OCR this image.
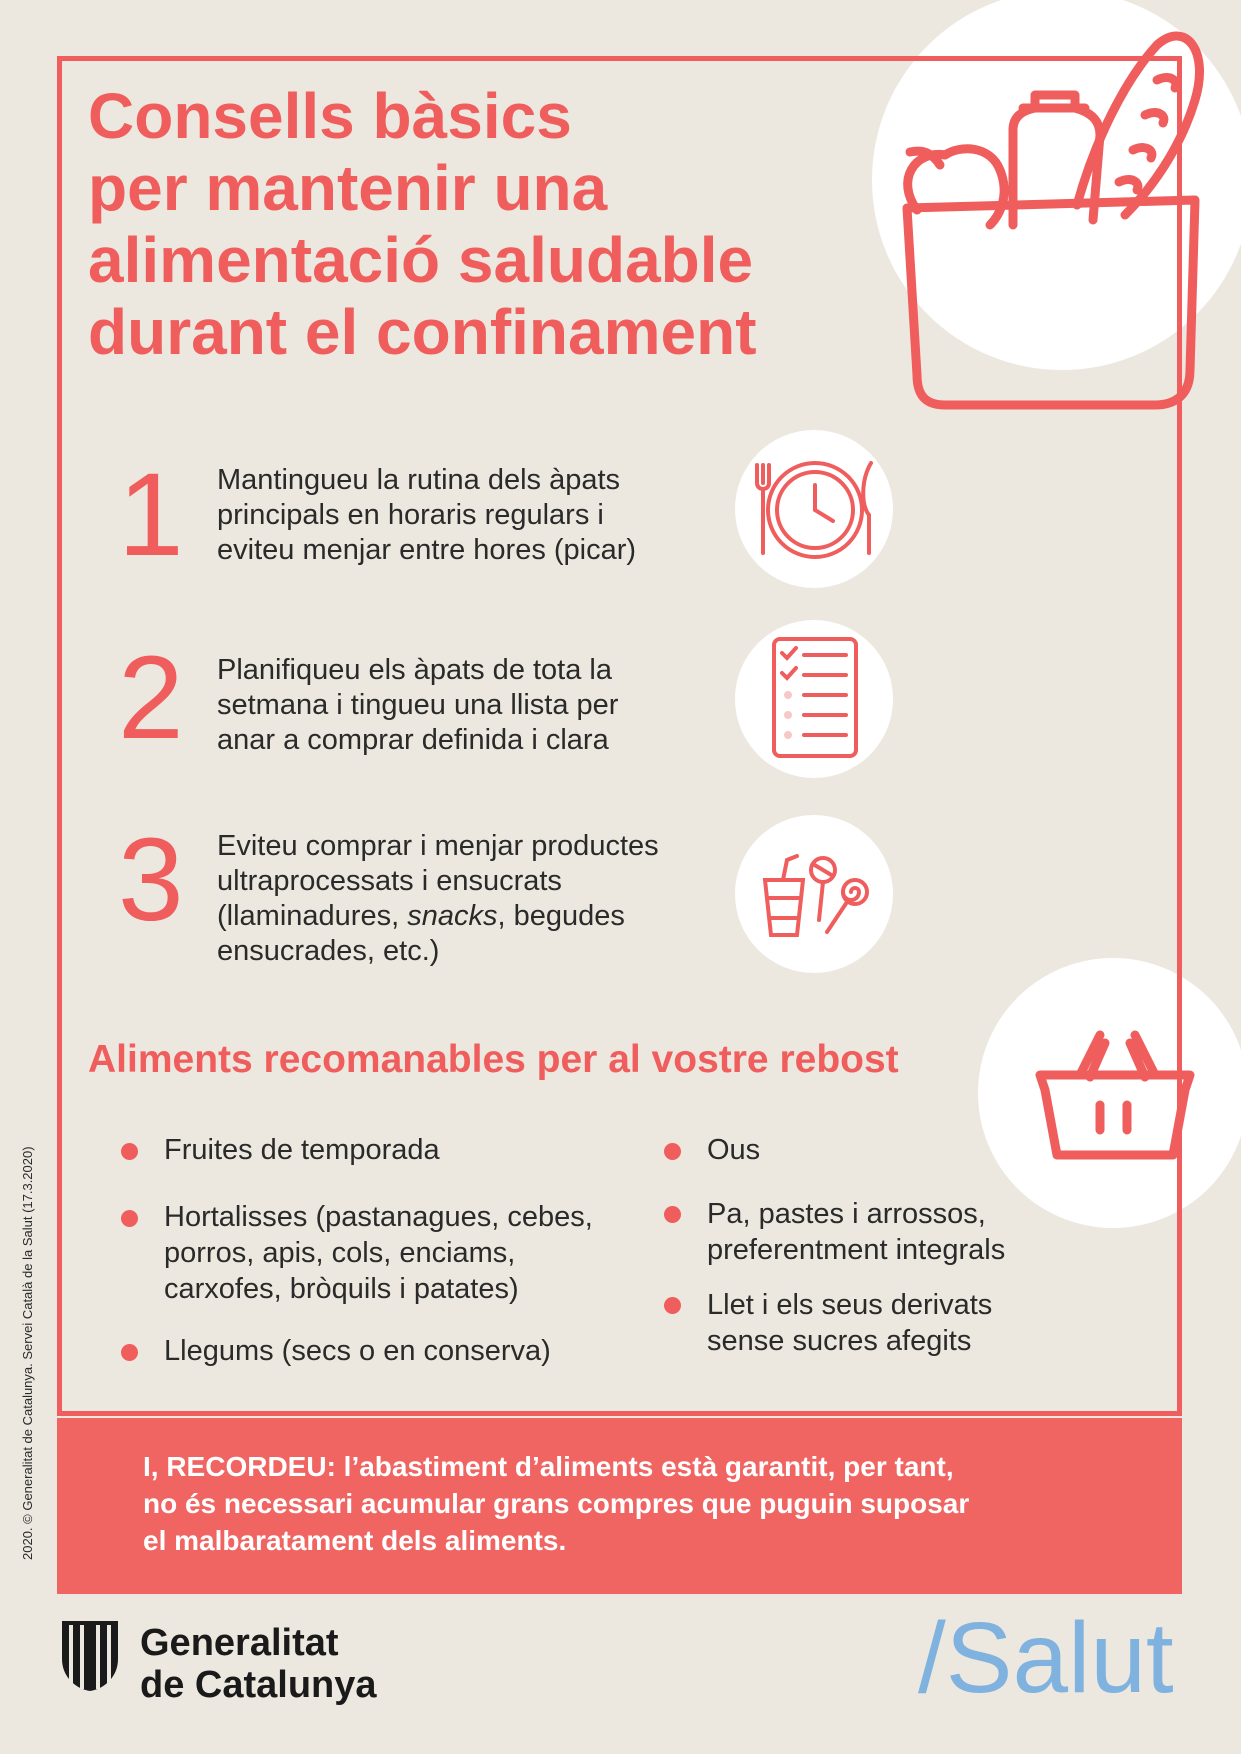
Consells bàsics
per mantenir una
alimentació saludable
durant el confinament
1 Mantingueu la rutina dels àpats
principals en horaris regulars i
eviteu menjar entre hores (picar)
2 Planifiqueu els àpats de tota la
setmana i tingueu una llista per
anar a comprar definida i clara
3 Eviteu comprar i menjar productes
ultraprocessats i ensucrats
(llaminadures, snacks, begudes
ensucrades, etc.)
Aliments recomanables per al vostre rebost
Fruites de temporada
Hortalisses (pastanagues, cebes,
porros, apis, cols, enciams,
carxofes, bròquils i patates)
Llegums (secs o en conserva)
Ous
Pa, pastes i arrossos,
preferentment integrals
Llet i els seus derivats
sense sucres afegits
I, RECORDEU: l’abastiment d’aliments està garantit, per tant,
no és necessari acumular grans compres que puguin suposar
el malbaratament dels aliments.
2020. © Generalitat de Catalunya. Servei Català de la Salut (17.3.2020)
Generalitat
de Catalunya	/Salut
